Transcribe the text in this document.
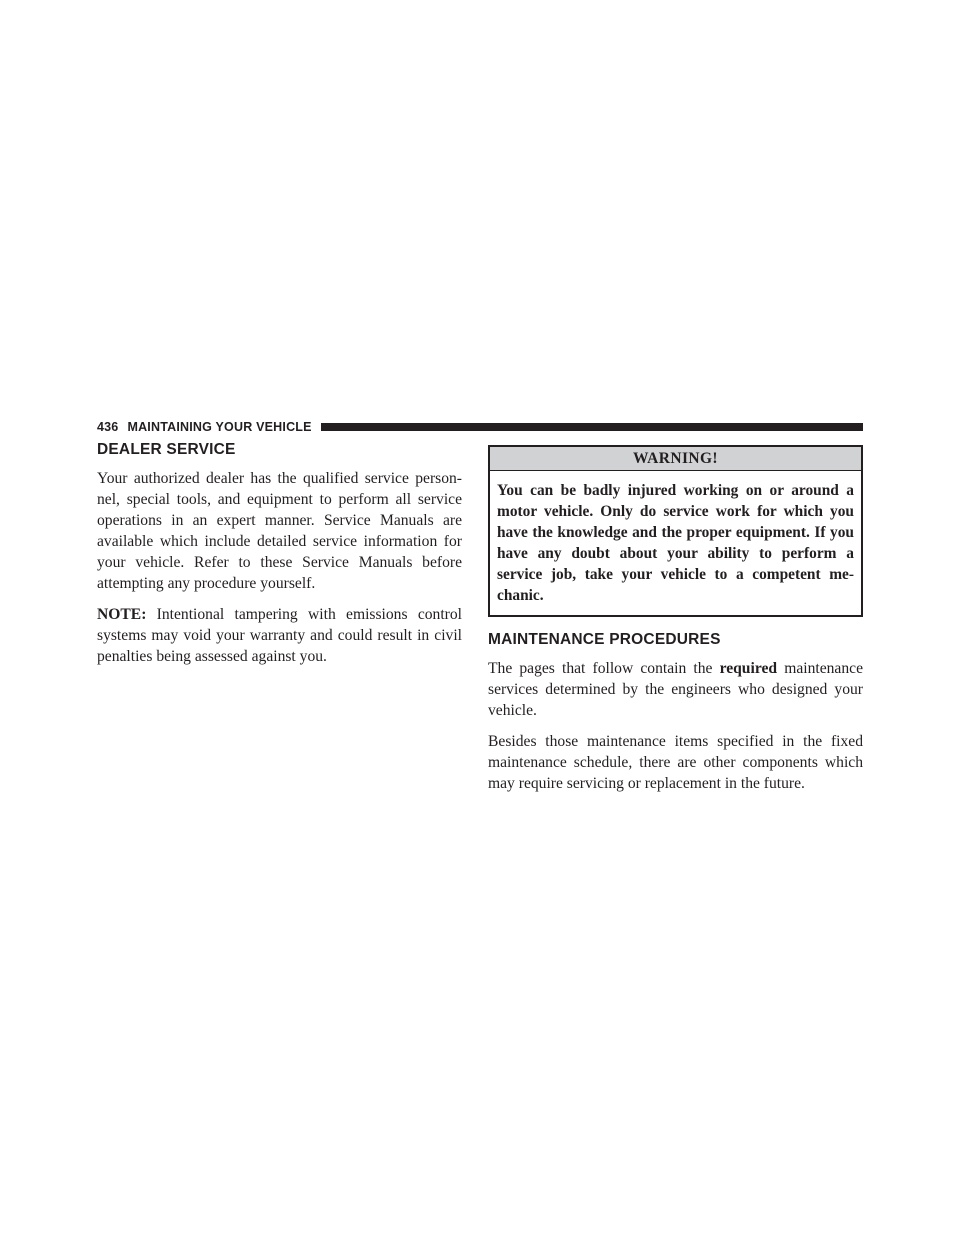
436 MAINTAINING YOUR VEHICLE
DEALER SERVICE

Your authorized dealer has the qualified service person-nel, special tools, and equipment to perform all service operations in an expert manner. Service Manuals are available which include detailed service information for your vehicle. Refer to these Service Manuals before attempting any procedure yourself.

NOTE: Intentional tampering with emissions control systems may void your warranty and could result in civil penalties being assessed against you.

WARNING!
You can be badly injured working on or around a motor vehicle. Only do service work for which you have the knowledge and the proper equipment. If you have any doubt about your ability to perform a service job, take your vehicle to a competent me-chanic.
MAINTENANCE PROCEDURES

The pages that follow contain the required maintenance services determined by the engineers who designed your vehicle.

Besides those maintenance items specified in the fixed maintenance schedule, there are other components which may require servicing or replacement in the future.
